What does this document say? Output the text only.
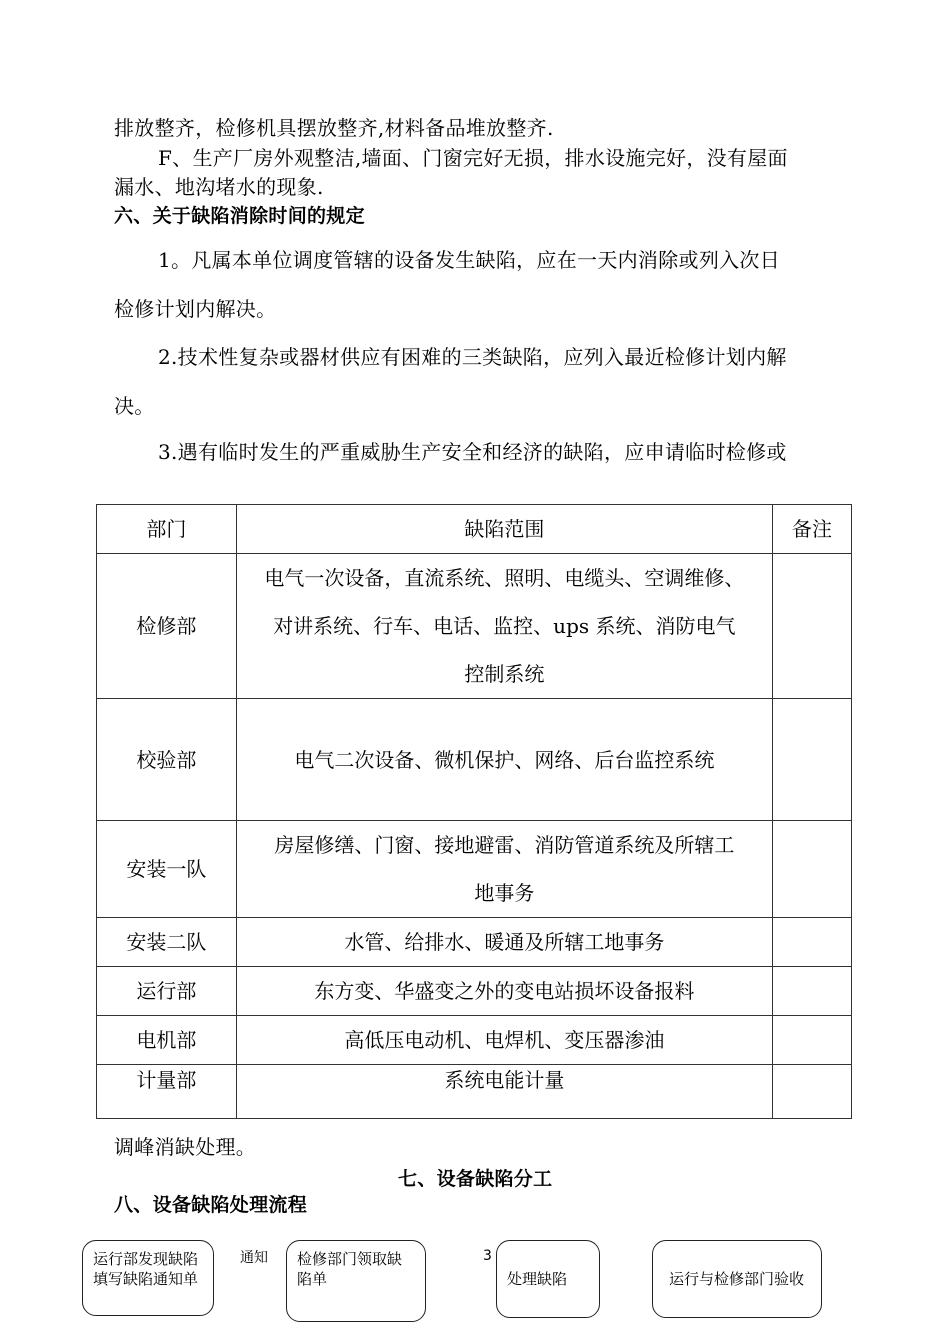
排放整齐，检修机具摆放整齐,材料备品堆放整齐.
F、生产厂房外观整洁,墙面、门窗完好无损，排水设施完好，没有屋面
漏水、地沟堵水的现象.
六、关于缺陷消除时间的规定
1。凡属本单位调度管辖的设备发生缺陷，应在一天内消除或列入次日
检修计划内解决。
2.技术性复杂或器材供应有困难的三类缺陷，应列入最近检修计划内解
决。
3.遇有临时发生的严重威胁生产安全和经济的缺陷，应申请临时检修或
部门	缺陷范围	备注
检修部	电气一次设备，直流系统、照明、电缆头、空调维修、
对讲系统、行车、电话、监控、ups 系统、消防电气
控制系统	

校验部	电气二次设备、微机保护、网络、后台监控系统	

安装一队	房屋修缮、门窗、接地避雷、消防管道系统及所辖工
地事务	

安装二队	水管、给排水、暖通及所辖工地事务	

运行部	东方变、华盛变之外的变电站损坏设备报料	

电机部	高低压电动机、电焊机、变压器渗油	

计量部	系统电能计量	

调峰消缺处理。
七、设备缺陷分工
八、设备缺陷处理流程
运行部发现缺陷填写缺陷通知单
通知	检修部门领取缺陷单
3
处理缺陷	运行与检修部门验收
